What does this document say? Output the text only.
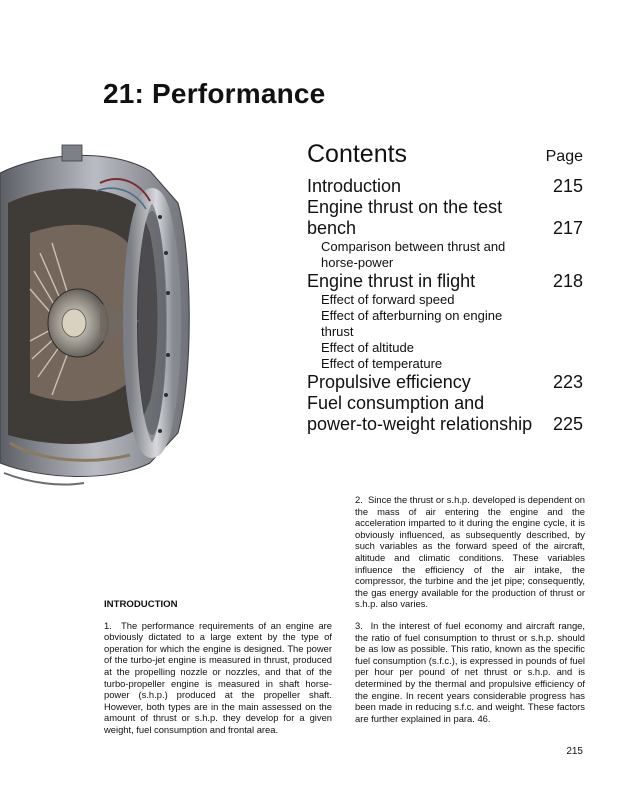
21: Performance
Contents	Page
Introduction	215
Engine thrust on the test bench	217
Comparison between thrust and horse-power
Engine thrust in flight	218
Effect of forward speed
Effect of afterburning on engine thrust
Effect of altitude
Effect of temperature
Propulsive efficiency	223
Fuel consumption and power-to-weight relationship	225

2.  Since the thrust or s.h.p. developed is dependent on the mass of air entering the engine and the acceleration imparted to it during the engine cycle, it is obviously influenced, as subsequently described, by such variables as the forward speed of the aircraft, altitude and climatic conditions. These variables influence the efficiency of the air intake, the compressor, the turbine and the jet pipe; consequently, the gas energy available for the production of thrust or s.h.p. also varies.

INTRODUCTION

1.  The performance requirements of an engine are obviously dictated to a large extent by the type of operation for which the engine is designed. The power of the turbo-jet engine is measured in thrust, produced at the propelling nozzle or nozzles, and that of the turbo-propeller engine is measured in shaft horse-power (s.h.p.) produced at the propeller shaft. However, both types are in the main assessed on the amount of thrust or s.h.p. they develop for a given weight, fuel consumption and frontal area.

3.  In the interest of fuel economy and aircraft range, the ratio of fuel consumption to thrust or s.h.p. should be as low as possible. This ratio, known as the specific fuel consumption (s.f.c.), is expressed in pounds of fuel per hour per pound of net thrust or s.h.p. and is determined by the thermal and propulsive efficiency of the engine. In recent years considerable progress has been made in reducing s.f.c. and weight. These factors are further explained in para. 46.

215
